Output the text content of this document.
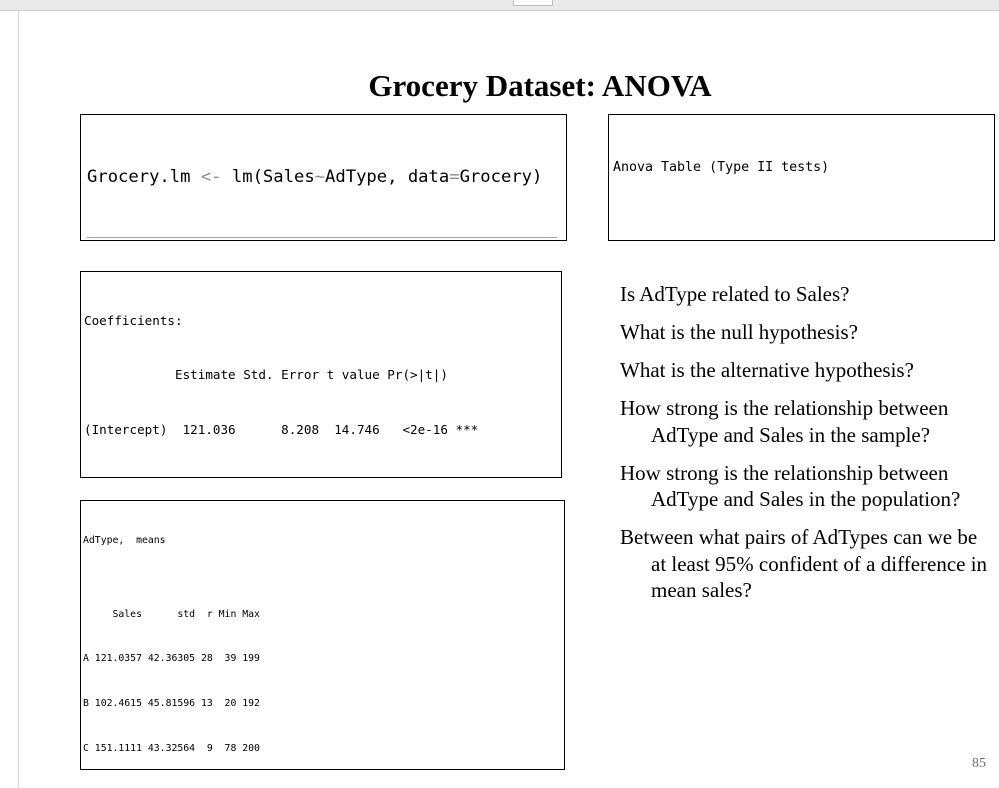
Grocery Dataset: ANOVA

Grocery.lm <- lm(Sales~AdType, data=Grocery)

	Anova Table (Type II tests)

Coefficients:

Estimate Std. Error t value Pr(>|t|)

(Intercept)  121.036      8.208  14.746   <2e-16 ***

AdType,  means

Sales      std  r Min Max

A 121.0357 42.36305 28  39 199

B 102.4615 45.81596 13  20 192

C 151.1111 43.32564  9  78 200

Is AdType related to Sales?
What is the null hypothesis?
What is the alternative hypothesis?
How strong is the relationship between AdType and Sales in the sample?
How strong is the relationship between AdType and Sales in the population?
Between what pairs of AdTypes can we be at least 95% confident of a difference in mean sales?
85
